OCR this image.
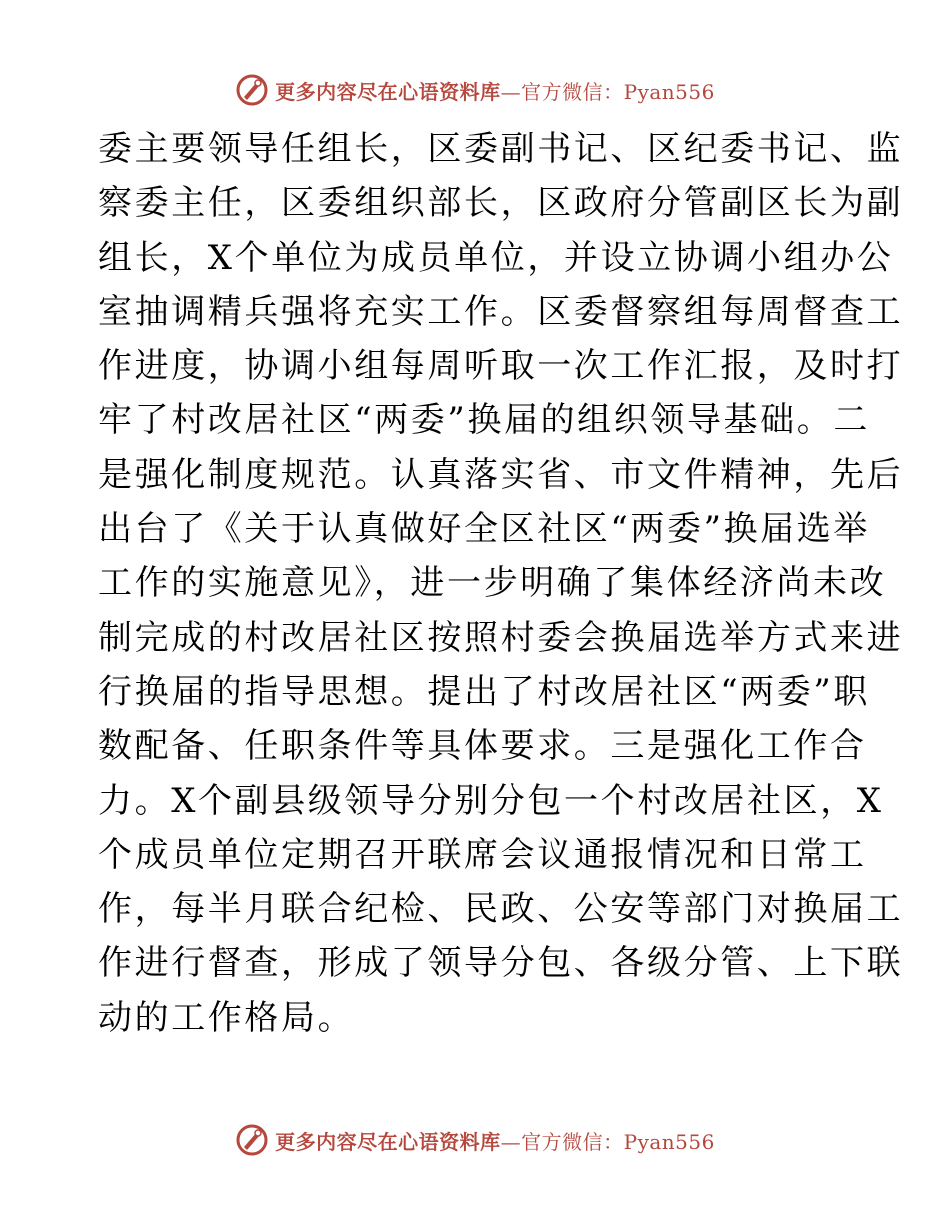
更多内容尽在心语资料库—官方微信：Pyan556
委主要领导任组长，区委副书记、区纪委书记、监
察委主任，区委组织部长，区政府分管副区长为副
组长，X个单位为成员单位，并设立协调小组办公
室抽调精兵强将充实工作。区委督察组每周督查工
作进度，协调小组每周听取一次工作汇报，及时打
牢了村改居社区“两委”换届的组织领导基础。二
是强化制度规范。认真落实省、市文件精神，先后
出台了《关于认真做好全区社区“两委”换届选举
工作的实施意见》，进一步明确了集体经济尚未改
制完成的村改居社区按照村委会换届选举方式来进
行换届的指导思想。提出了村改居社区“两委”职
数配备、任职条件等具体要求。三是强化工作合
力。X个副县级领导分别分包一个村改居社区，X
个成员单位定期召开联席会议通报情况和日常工
作，每半月联合纪检、民政、公安等部门对换届工
作进行督查，形成了领导分包、各级分管、上下联
动的工作格局。
更多内容尽在心语资料库—官方微信：Pyan556
